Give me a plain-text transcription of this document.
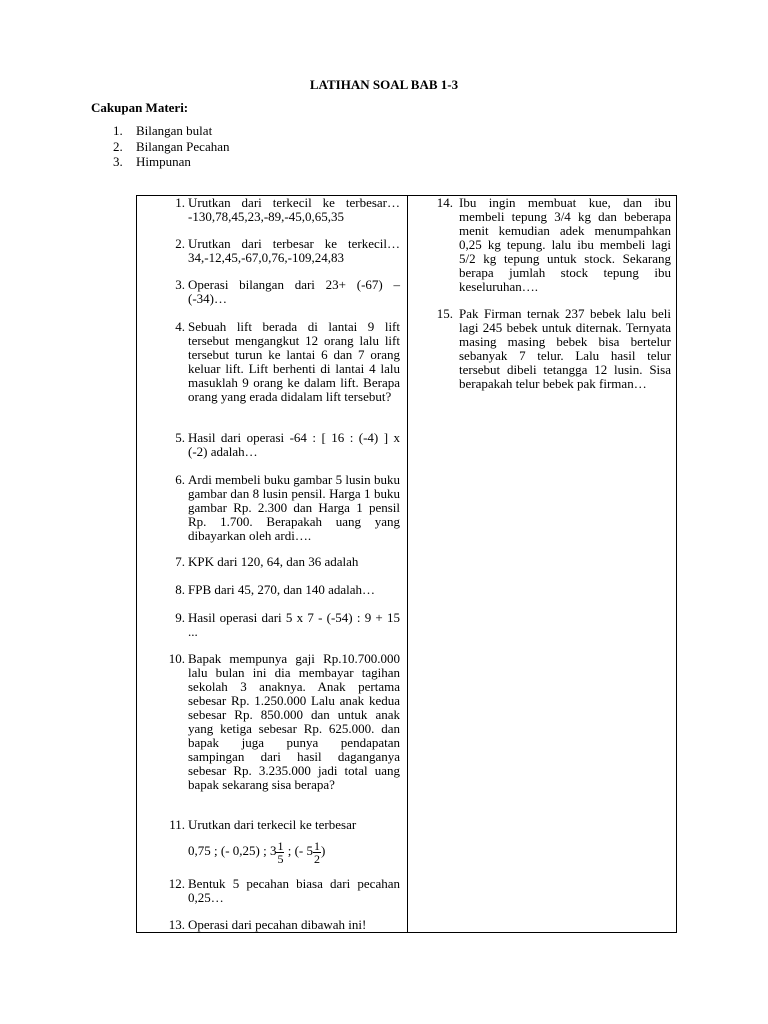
LATIHAN SOAL BAB 1-3
Cakupan Materi:
1.	Bilangan bulat
2.	Bilangan Pecahan
3.	Himpunan
1. Urutkan dari terkecil ke terbesar… -130,78,45,23,-89,-45,0,65,35

2. Urutkan dari terbesar ke terkecil… 34,-12,45,-67,0,76,-109,24,83

3. Operasi bilangan dari 23+ (-67) – (-34)…

4. Sebuah lift berada di lantai 9 lift tersebut mengangkut 12 orang lalu lift tersebut turun ke lantai 6 dan 7 orang keluar lift. Lift berhenti di lantai 4 lalu masuklah 9 orang ke dalam lift. Berapa orang yang erada didalam lift tersebut?

5. Hasil dari operasi -64 : [ 16 : (-4) ] x (-2) adalah…

6. Ardi membeli buku gambar 5 lusin buku gambar dan 8 lusin pensil. Harga 1 buku gambar Rp. 2.300 dan Harga 1 pensil Rp. 1.700. Berapakah uang yang dibayarkan oleh ardi….

7. KPK dari 120, 64, dan 36 adalah

8. FPB dari 45, 270, dan 140 adalah…

9. Hasil operasi dari 5 x 7 - (-54) : 9 + 15 ...

10. Bapak mempunya gaji Rp.10.700.000 lalu bulan ini dia membayar tagihan sekolah 3 anaknya. Anak pertama sebesar Rp. 1.250.000 Lalu anak kedua sebesar Rp. 850.000 dan untuk anak yang ketiga sebesar Rp. 625.000. dan bapak juga punya pendapatan sampingan dari hasil daganganya sebesar Rp. 3.235.000 jadi total uang bapak sekarang sisa berapa?

11. Urutkan dari terkecil ke terbesar

0,75 ; (- 0,25) ; $3 \frac{1}{5}$ ; (- $5 \frac{1}{2}$ )

12. Bentuk 5 pecahan biasa dari pecahan 0,25…

13. Operasi dari pecahan dibawah ini!

14. Ibu ingin membuat kue, dan ibu membeli tepung 3/4 kg dan beberapa menit kemudian adek menumpahkan 0,25 kg tepung. lalu ibu membeli lagi 5/2 kg tepung untuk stock. Sekarang berapa jumlah stock tepung ibu keseluruhan….

15. Pak Firman ternak 237 bebek lalu beli lagi 245 bebek untuk diternak. Ternyata masing masing bebek bisa bertelur sebanyak 7 telur. Lalu hasil telur tersebut dibeli tetangga 12 lusin. Sisa berapakah telur bebek pak firman…
